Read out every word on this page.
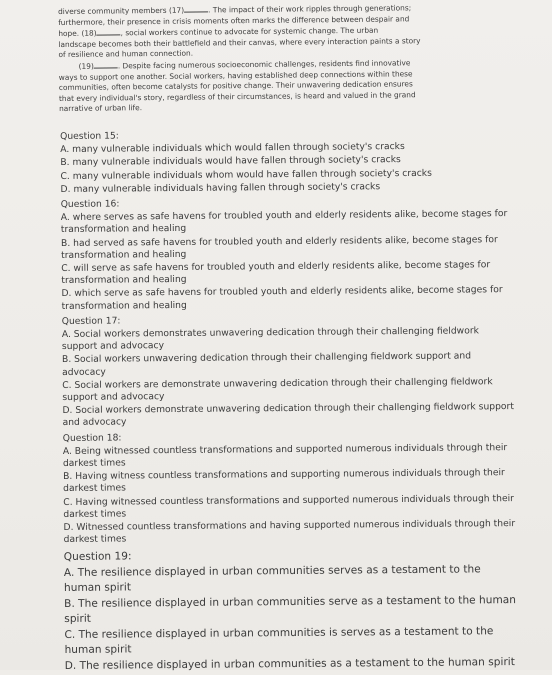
diverse community members (17)	. The impact of their work ripples through generations;

furthermore, their presence in crisis moments often marks the difference between despair and

hope. (18)	, social workers continue to advocate for systemic change. The urban

landscape becomes both their battlefield and their canvas, where every interaction paints a story

of resilience and human connection.

(19)	. Despite facing numerous socioeconomic challenges, residents find innovative

ways to support one another. Social workers, having established deep connections within these

communities, often become catalysts for positive change. Their unwavering dedication ensures

that every individual's story, regardless of their circumstances, is heard and valued in the grand

narrative of urban life.

Question 15:
A. many vulnerable individuals which would fallen through society's cracks
B. many vulnerable individuals would have fallen through society's cracks
C. many vulnerable individuals whom would have fallen through society's cracks
D. many vulnerable individuals having fallen through society's cracks
Question 16:
A. where serves as safe havens for troubled youth and elderly residents alike, become stages for transformation and healing
B. had served as safe havens for troubled youth and elderly residents alike, become stages for transformation and healing
C. will serve as safe havens for troubled youth and elderly residents alike, become stages for transformation and healing
D. which serve as safe havens for troubled youth and elderly residents alike, become stages for transformation and healing
Question 17:
A. Social workers demonstrates unwavering dedication through their challenging fieldwork support and advocacy
B. Social workers unwavering dedication through their challenging fieldwork support and advocacy
C. Social workers are demonstrate unwavering dedication through their challenging fieldwork support and advocacy
D. Social workers demonstrate unwavering dedication through their challenging fieldwork support and advocacy
Question 18:
A. Being witnessed countless transformations and supported numerous individuals through their darkest times
B. Having witness countless transformations and supporting numerous individuals through their darkest times
C. Having witnessed countless transformations and supported numerous individuals through their darkest times
D. Witnessed countless transformations and having supported numerous individuals through their darkest times
Question 19:
A. The resilience displayed in urban communities serves as a testament to the human spirit
B. The resilience displayed in urban communities serve as a testament to the human spirit
C. The resilience displayed in urban communities is serves as a testament to the human spirit
D. The resilience displayed in urban communities as a testament to the human spirit
